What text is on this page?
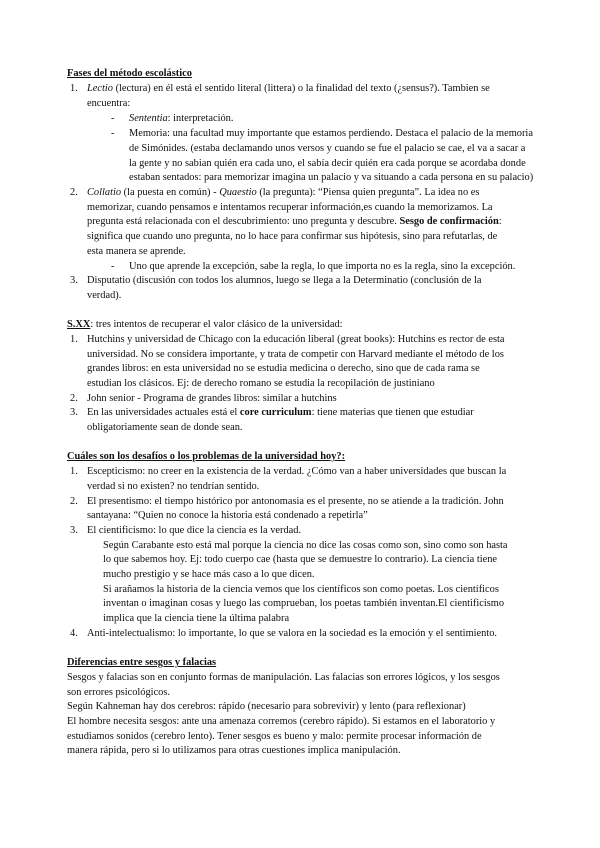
Fases del método escolástico
1. Lectio (lectura) en él está el sentido literal (littera) o la finalidad del texto (¿sensus?). Tambien se
encuentra:
- Sententia: interpretación.
- Memoria: una facultad muy importante que estamos perdiendo. Destaca el palacio de la memoria
de Simónides. (estaba declamando unos versos y cuando se fue el palacio se cae, el va a sacar a
la gente y no sabian quién era cada uno, el sabía decir quién era cada porque se acordaba donde
estaban sentados: para memorizar imagina un palacio y va situando a cada persona en su palacio)
2. Collatio (la puesta en común) - Quaestio (la pregunta): “Piensa quien pregunta”. La idea no es
memorizar, cuando pensamos e intentamos recuperar información,es cuando la memorizamos. La
pregunta está relacionada con el descubrimiento: uno pregunta y descubre. Sesgo de confirmación:
significa que cuando uno pregunta, no lo hace para confirmar sus hipótesis, sino para refutarlas, de
esta manera se aprende.
- Uno que aprende la excepción, sabe la regla, lo que importa no es la regla, sino la excepción.
3. Disputatio (discusión con todos los alumnos, luego se llega a la Determinatio (conclusión de la
verdad).
S.XX: tres intentos de recuperar el valor clásico de la universidad:
1. Hutchins y universidad de Chicago con la educación liberal (great books): Hutchins es rector de esta
universidad. No se considera importante, y trata de competir con Harvard mediante el método de los
grandes libros: en esta universidad no se estudia medicina o derecho, sino que de cada rama se
estudian los clásicos. Ej: de derecho romano se estudia la recopilación de justiniano
2. John senior - Programa de grandes libros: similar a hutchins
3. En las universidades actuales está el core curriculum: tiene materias que tienen que estudiar
obligatoriamente sean de donde sean.
Cuáles son los desafíos o los problemas de la universidad hoy?:
1. Escepticismo: no creer en la existencia de la verdad. ¿Cómo van a haber universidades que buscan la
verdad si no existen? no tendrían sentido.
2. El presentismo: el tiempo histórico por antonomasia es el presente, no se atiende a la tradición. John
santayana: “Quien no conoce la historia está condenado a repetirla”
3. El cientificismo: lo que dice la ciencia es la verdad.
Según Carabante esto está mal porque la ciencia no dice las cosas como son, sino como son hasta
lo que sabemos hoy. Ej: todo cuerpo cae (hasta que se demuestre lo contrario). La ciencia tiene
mucho prestigio y se hace más caso a lo que dicen.
Si arañamos la historia de la ciencia vemos que los científicos son como poetas. Los científicos
inventan o imaginan cosas y luego las comprueban, los poetas también inventan.El cientificismo
implica que la ciencia tiene la última palabra
4. Anti-intelectualismo: lo importante, lo que se valora en la sociedad es la emoción y el sentimiento.
Diferencias entre sesgos y falacias
Sesgos y falacias son en conjunto formas de manipulación. Las falacias son errores lógicos, y los sesgos
son errores psicológicos.
Según Kahneman hay dos cerebros: rápido (necesario para sobrevivir) y lento (para reflexionar)
El hombre necesita sesgos: ante una amenaza corremos (cerebro rápido). Si estamos en el laboratorio y
estudiamos sonidos (cerebro lento). Tener sesgos es bueno y malo: permite procesar información de
manera rápida, pero si lo utilizamos para otras cuestiones implica manipulación.
